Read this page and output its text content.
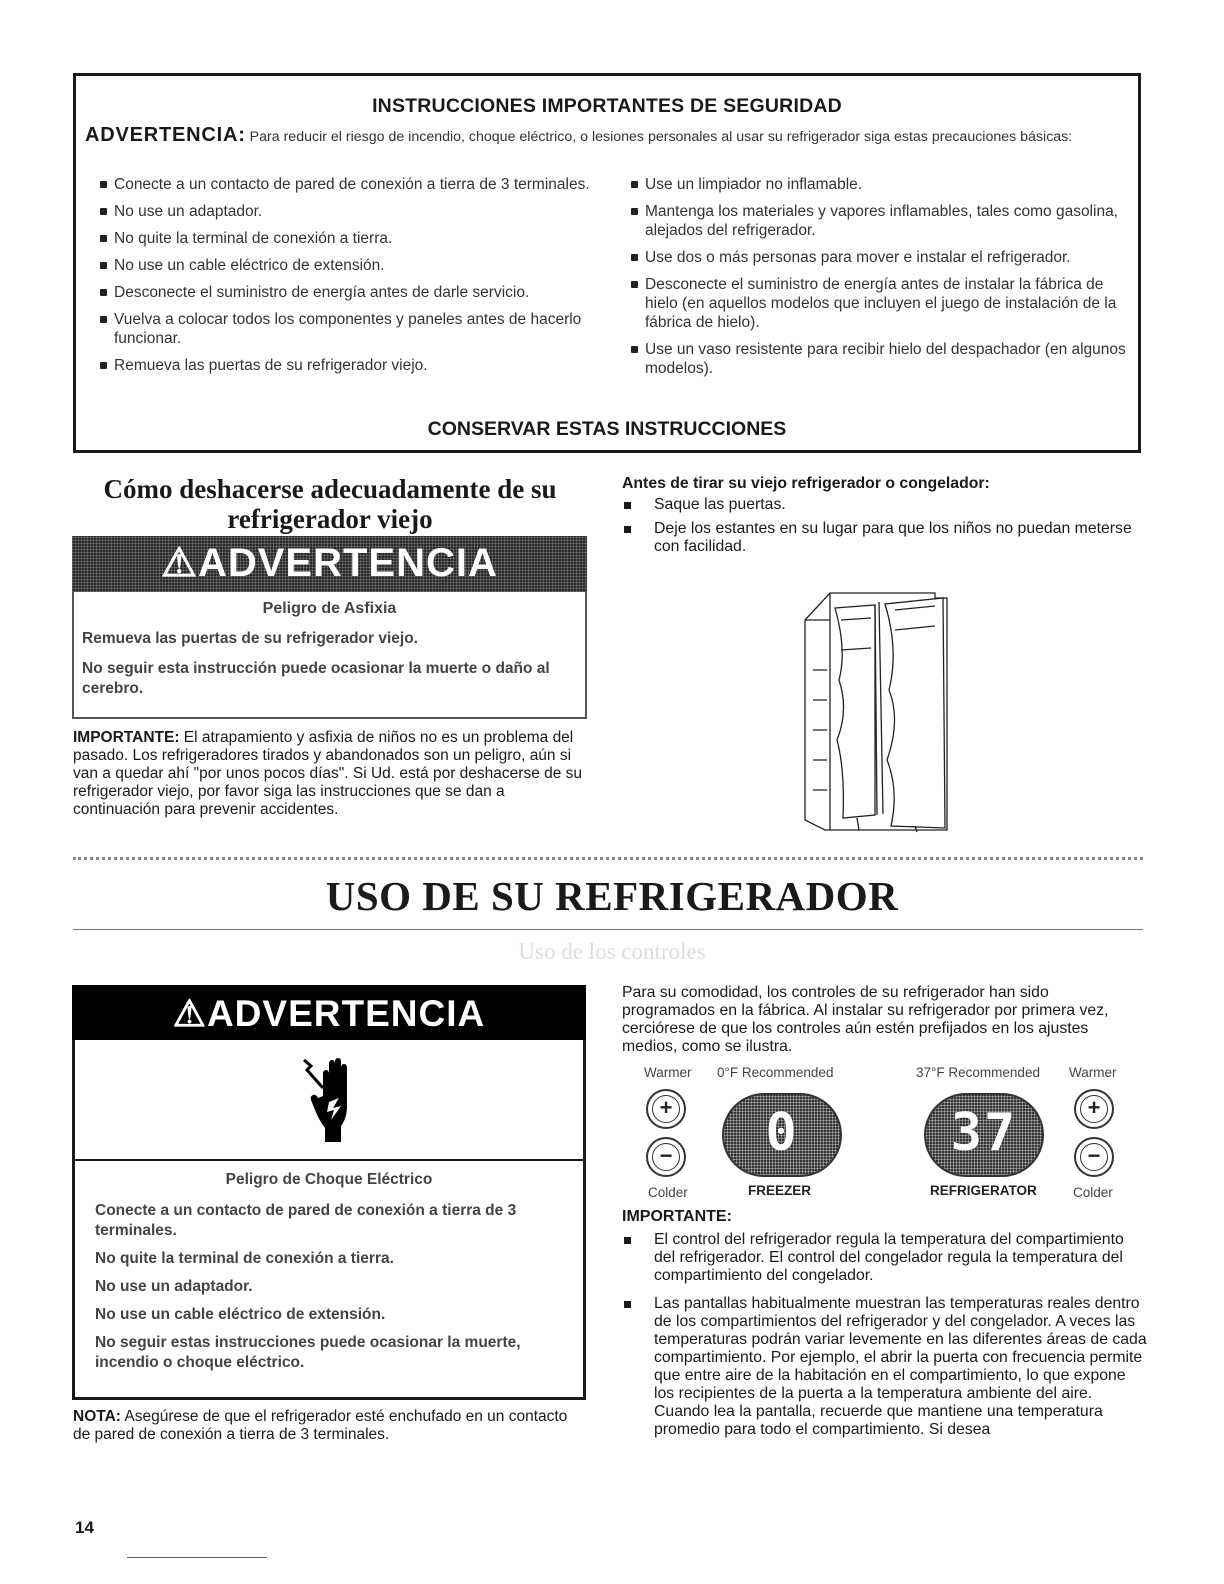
INSTRUCCIONES IMPORTANTES DE SEGURIDAD
ADVERTENCIA: Para reducir el riesgo de incendio, choque eléctrico, o lesiones personales al usar su refrigerador siga estas precauciones básicas:
Conecte a un contacto de pared de conexión a tierra de 3 terminales.
No use un adaptador.
No quite la terminal de conexión a tierra.
No use un cable eléctrico de extensión.
Desconecte el suministro de energía antes de darle servicio.
Vuelva a colocar todos los componentes y paneles antes de hacerlo funcionar.
Remueva las puertas de su refrigerador viejo.
Use un limpiador no inflamable.
Mantenga los materiales y vapores inflamables, tales como gasolina, alejados del refrigerador.
Use dos o más personas para mover e instalar el refrigerador.
Desconecte el suministro de energía antes de instalar la fábrica de hielo (en aquellos modelos que incluyen el juego de instalación de la fábrica de hielo).
Use un vaso resistente para recibir hielo del despachador (en algunos modelos).
CONSERVAR ESTAS INSTRUCCIONES
Cómo deshacerse adecuadamente de su refrigerador viejo
⚠ADVERTENCIA
Peligro de Asfixia

Remueva las puertas de su refrigerador viejo.

No seguir esta instrucción puede ocasionar la muerte o daño al cerebro.

IMPORTANTE: El atrapamiento y asfixia de niños no es un problema del pasado. Los refrigeradores tirados y abandonados son un peligro, aún si van a quedar ahí "por unos pocos días". Si Ud. está por deshacerse de su refrigerador viejo, por favor siga las instrucciones que se dan a continuación para prevenir accidentes.
Antes de tirar su viejo refrigerador o congelador:
Saque las puertas.
Deje los estantes en su lugar para que los niños no puedan meterse con facilidad.
USO DE SU REFRIGERADOR
Uso de los controles
⚠ADVERTENCIA
Peligro de Choque Eléctrico

Conecte a un contacto de pared de conexión a tierra de 3 terminales.

No quite la terminal de conexión a tierra.

No use un adaptador.

No use un cable eléctrico de extensión.

No seguir estas instrucciones puede ocasionar la muerte, incendio o choque eléctrico.

NOTA: Asegúrese de que el refrigerador esté enchufado en un contacto de pared de conexión a tierra de 3 terminales.
Para su comodidad, los controles de su refrigerador han sido programados en la fábrica. Al instalar su refrigerador por primera vez, cerciórese de que los controles aún estén prefijados en los ajustes medios, como se ilustra.
Warmer 0°F Recommended
+
−	0
Colder	FREEZER
37°F Recommended Warmer
37	+
−
REFRIGERATOR	Colder
IMPORTANTE:
El control del refrigerador regula la temperatura del compartimiento del refrigerador. El control del congelador regula la temperatura del compartimiento del congelador.
Las pantallas habitualmente muestran las temperaturas reales dentro de los compartimientos del refrigerador y del congelador. A veces las temperaturas podrán variar levemente en las diferentes áreas de cada compartimiento. Por ejemplo, el abrir la puerta con frecuencia permite que entre aire de la habitación en el compartimiento, lo que expone los recipientes de la puerta a la temperatura ambiente del aire. Cuando lea la pantalla, recuerde que mantiene una temperatura promedio para todo el compartimiento. Si desea
14
